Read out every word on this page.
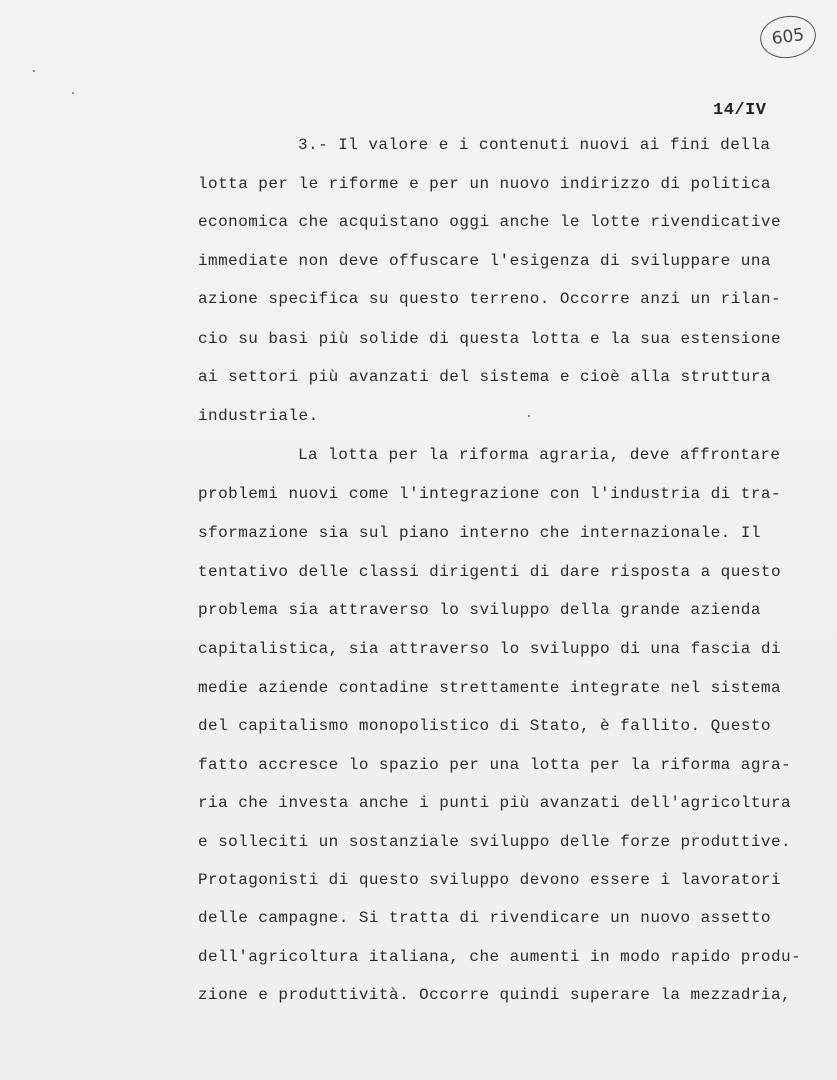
605
14/IV
3.- Il valore e i contenuti nuovi ai fini della
lotta per le riforme e per un nuovo indirizzo di politica
economica che acquistano oggi anche le lotte rivendicative
immediate non deve offuscare l'esigenza di sviluppare una
azione specifica su questo terreno. Occorre anzi un rilan-
cio su basi più solide di questa lotta e la sua estensione
ai settori più avanzati del sistema e cioè alla struttura
industriale.
La lotta per la riforma agraria, deve affrontare
problemi nuovi come l'integrazione con l'industria di tra-
sformazione sia sul piano interno che internazionale. Il
tentativo delle classi dirigenti di dare risposta a questo
problema sia attraverso lo sviluppo della grande azienda
capitalistica, sia attraverso lo sviluppo di una fascia di
medie aziende contadine strettamente integrate nel sistema
del capitalismo monopolistico di Stato, è fallito. Questo
fatto accresce lo spazio per una lotta per la riforma agra-
ria che investa anche i punti più avanzati dell'agricoltura
e solleciti un sostanziale sviluppo delle forze produttive.
Protagonisti di questo sviluppo devono essere i lavoratori
delle campagne. Si tratta di rivendicare un nuovo assetto
dell'agricoltura italiana, che aumenti in modo rapido produ-
zione e produttività. Occorre quindi superare la mezzadria,
